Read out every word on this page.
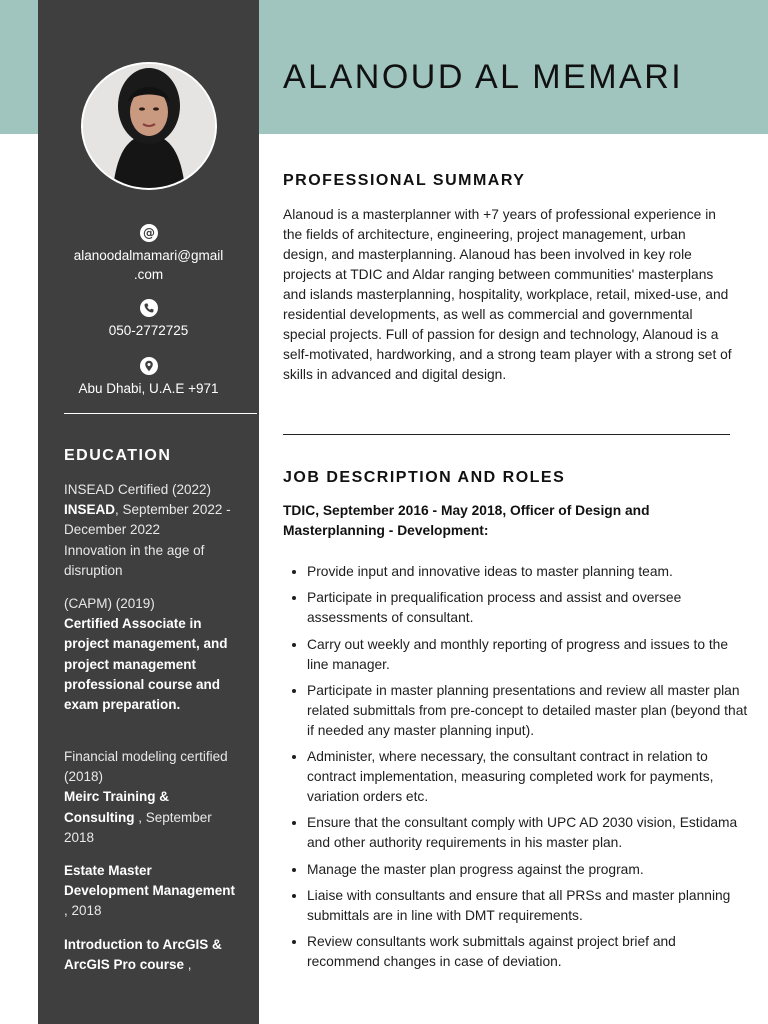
@
alanoodalmamari@gmail
.com
050-2772725
Abu Dhabi, U.A.E +971
EDUCATION
INSEAD Certified (2022)
INSEAD, September 2022 - December 2022
Innovation in the age of disruption
(CAPM) (2019)
Certified Associate in project management, and project management professional course and exam preparation.
Financial modeling certified (2018)
Meirc Training & Consulting , September 2018
Estate Master Development Management , 2018
Introduction to ArcGIS & ArcGIS Pro course ,
ALANOUD AL MEMARI
PROFESSIONAL SUMMARY
Alanoud is a masterplanner with +7 years of professional experience in the fields of architecture, engineering, project management, urban design, and masterplanning. Alanoud has been involved in key role projects at TDIC and Aldar ranging between communities' masterplans and islands masterplanning, hospitality, workplace, retail, mixed-use, and residential developments, as well as commercial and governmental special projects. Full of passion for design and technology, Alanoud is a self-motivated, hardworking, and a strong team player with a strong set of skills in advanced and digital design.
JOB DESCRIPTION AND ROLES
TDIC, September 2016 - May 2018, Officer of Design and Masterplanning - Development:
• Provide input and innovative ideas to master planning team.
• Participate in prequalification process and assist and oversee assessments of consultant.
• Carry out weekly and monthly reporting of progress and issues to the line manager.
• Participate in master planning presentations and review all master plan related submittals from pre-concept to detailed master plan (beyond that if needed any master planning input).
• Administer, where necessary, the consultant contract in relation to contract implementation, measuring completed work for payments, variation orders etc.
• Ensure that the consultant comply with UPC AD 2030 vision, Estidama and other authority requirements in his master plan.
• Manage the master plan progress against the program.
• Liaise with consultants and ensure that all PRSs and master planning submittals are in line with DMT requirements.
• Review consultants work submittals against project brief and recommend changes in case of deviation.
